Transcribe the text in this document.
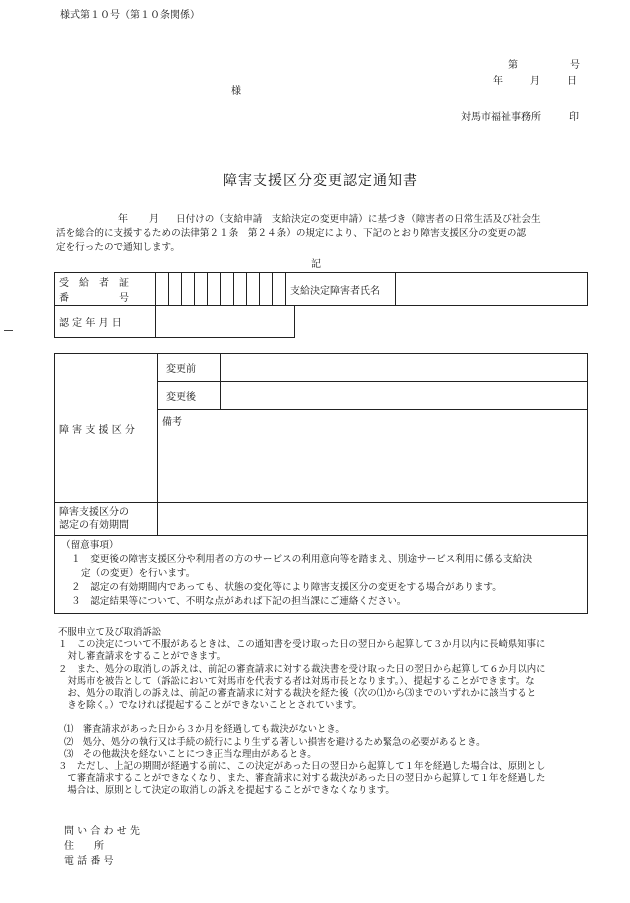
様式第１０号（第１０条関係）
第	号
年	月	日
様
対馬市福祉事務所	印
障害支援区分変更認定通知書
年 月 日付けの（支給申請　支給決定の変更申請）に基づき（障害者の日常生活及び社会生
活を総合的に支援するための法律第２１条　第２４条）の規定により、下記のとおり障害支援区分の変更の認
定を行ったので通知します。
記
受　給　者　証
番　　　　　号
											支給決定障害者氏名	
認 定 年 月 日	
障 害 支 援 区 分	変更前	
	変更後	

	備考	

障害支援区分の
認定の有効期間		

（留意事項）
１　 変更後の障害支援区分や利用者の方のサービスの利用意向等を踏まえ、別途サービス利用に係る支給決
定（の変更）を行います。
２　 認定の有効期間内であっても、状態の変化等により障害支援区分の変更をする場合があります。
３　 認定結果等について、不明な点があれば下記の担当課にご連絡ください。		
不服申立て及び取消訴訟
１　この決定について不服があるときは、この通知書を受け取った日の翌日から起算して３か月以内に長崎県知事に
　対し審査請求をすることができます。
２　また、処分の取消しの訴えは、前記の審査請求に対する裁決書を受け取った日の翌日から起算して６か月以内に
　対馬市を被告として（訴訟において対馬市を代表する者は対馬市長となります。）、提起することができます。な
　お、処分の取消しの訴えは、前記の審査請求に対する裁決を経た後（次の⑴から⑶までのいずれかに該当すると
　きを除く。）でなければ提起することができないこととされています。
⑴　審査請求があった日から３か月を経過しても裁決がないとき。
⑵　処分、処分の執行又は手続の続行により生ずる著しい損害を避けるため緊急の必要があるとき。
⑶　その他裁決を経ないことにつき正当な理由があるとき。
３　ただし、上記の期間が経過する前に、この決定があった日の翌日から起算して１年を経過した場合は、原則とし
　て審査請求することができなくなり、また、審査請求に対する裁決があった日の翌日から起算して１年を経過した
　場合は、原則として決定の取消しの訴えを提起することができなくなります。
問 い 合 わ せ 先
住　　所
電 話 番 号
